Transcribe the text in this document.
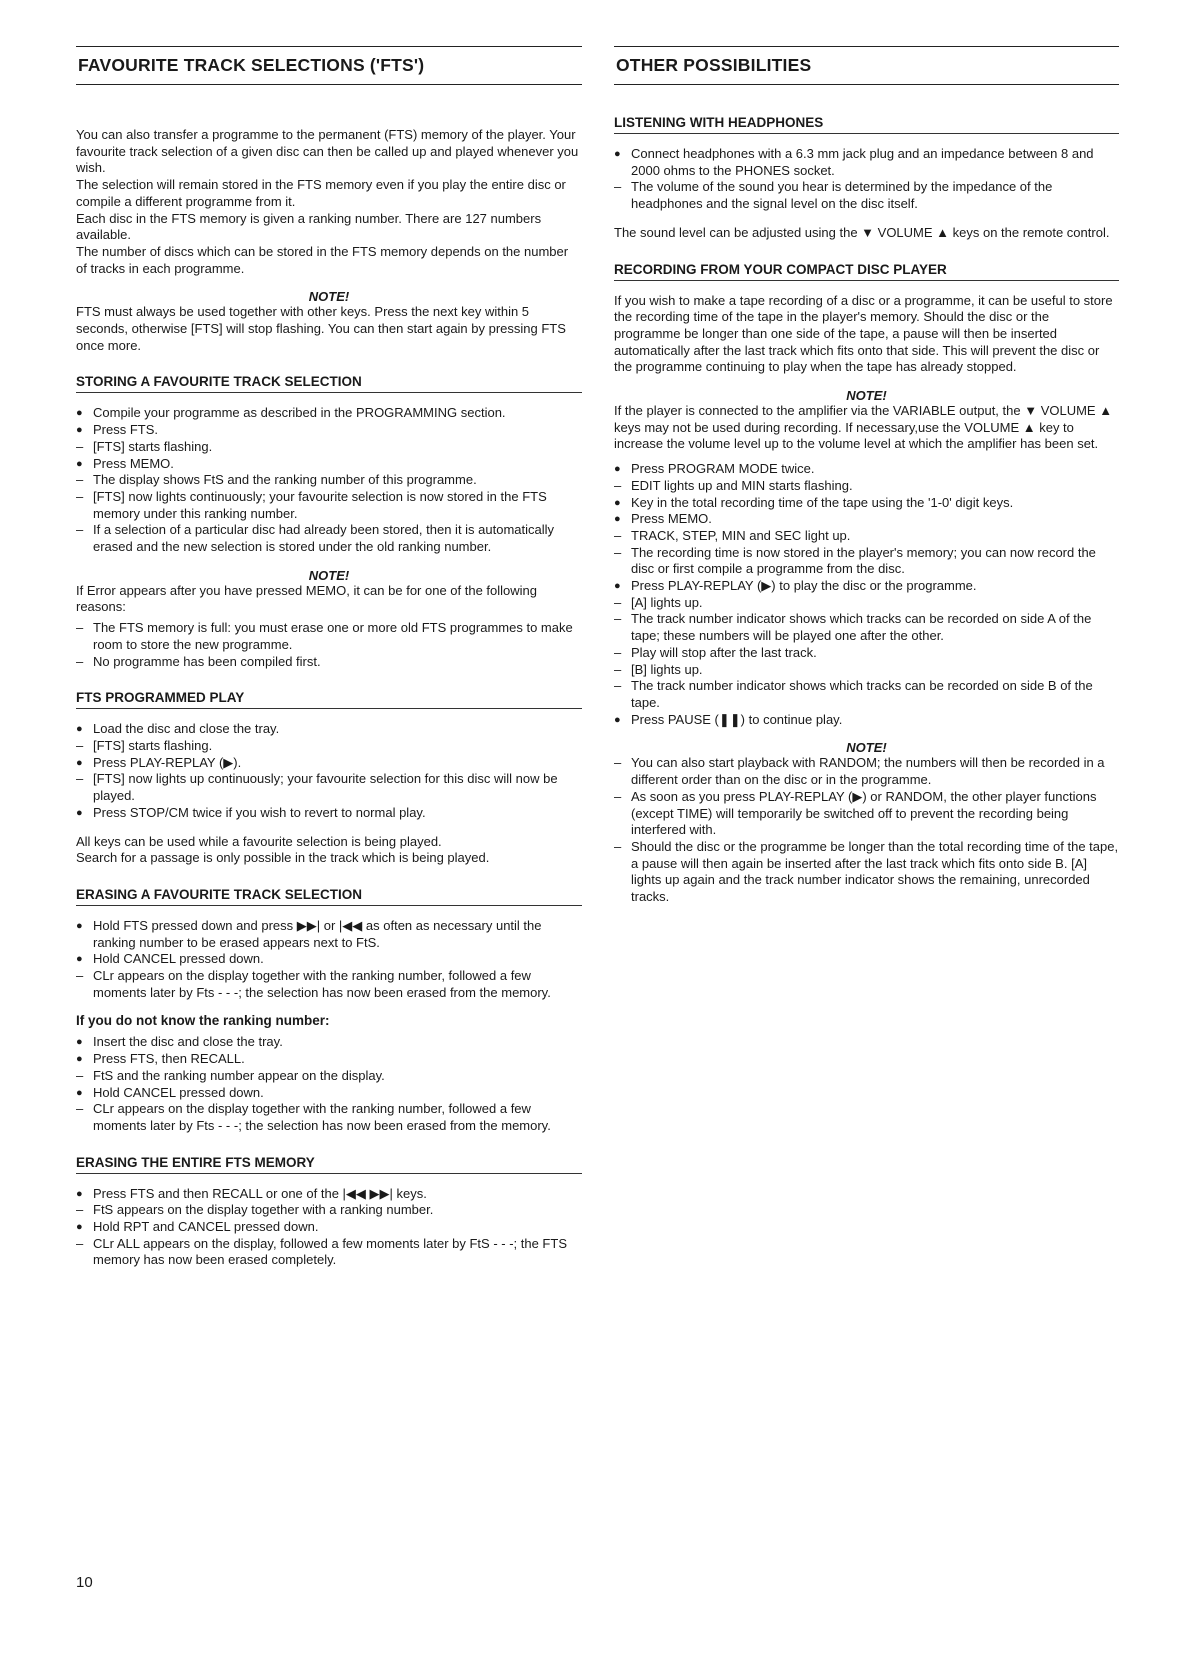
FAVOURITE TRACK SELECTIONS ('FTS')

You can also transfer a programme to the permanent (FTS) memory of the player. Your favourite track selection of a given disc can then be called up and played whenever you wish.

The selection will remain stored in the FTS memory even if you play the entire disc or compile a different programme from it.

Each disc in the FTS memory is given a ranking number. There are 127 numbers available.

The number of discs which can be stored in the FTS memory depends on the number of tracks in each programme.

NOTE!

FTS must always be used together with other keys. Press the next key within 5 seconds, otherwise [FTS] will stop flashing. You can then start again by pressing FTS once more.

STORING A FAVOURITE TRACK SELECTION
● Compile your programme as described in the PROGRAMMING section.
● Press FTS.
– [FTS] starts flashing.
● Press MEMO.
– The display shows FtS and the ranking number of this programme.
– [FTS] now lights continuously; your favourite selection is now stored in the FTS memory under this ranking number.
– If a selection of a particular disc had already been stored, then it is automatically erased and the new selection is stored under the old ranking number.

NOTE!

If Error appears after you have pressed MEMO, it can be for one of the following reasons:

– The FTS memory is full: you must erase one or more old FTS programmes to make room to store the new programme.
– No programme has been compiled first.
FTS PROGRAMMED PLAY
● Load the disc and close the tray.
– [FTS] starts flashing.
● Press PLAY-REPLAY (▶).
– [FTS] now lights up continuously; your favourite selection for this disc will now be played.
● Press STOP/CM twice if you wish to revert to normal play.

All keys can be used while a favourite selection is being played.

Search for a passage is only possible in the track which is being played.

ERASING A FAVOURITE TRACK SELECTION
● Hold FTS pressed down and press ▶▶| or |◀◀ as often as necessary until the ranking number to be erased appears next to FtS.
● Hold CANCEL pressed down.
– CLr appears on the display together with the ranking number, followed a few moments later by Fts - - -; the selection has now been erased from the memory.

If you do not know the ranking number:

● Insert the disc and close the tray.
● Press FTS, then RECALL.
– FtS and the ranking number appear on the display.
● Hold CANCEL pressed down.
– CLr appears on the display together with the ranking number, followed a few moments later by Fts - - -; the selection has now been erased from the memory.
ERASING THE ENTIRE FTS MEMORY
● Press FTS and then RECALL or one of the |◀◀ ▶▶| keys.
– FtS appears on the display together with a ranking number.
● Hold RPT and CANCEL pressed down.
– CLr ALL appears on the display, followed a few moments later by FtS - - -; the FTS memory has now been erased completely.
OTHER POSSIBILITIES
LISTENING WITH HEADPHONES
● Connect headphones with a 6.3 mm jack plug and an impedance between 8 and 2000 ohms to the PHONES socket.
– The volume of the sound you hear is determined by the impedance of the headphones and the signal level on the disc itself.

The sound level can be adjusted using the ▼ VOLUME ▲ keys on the remote control.

RECORDING FROM YOUR COMPACT DISC PLAYER

If you wish to make a tape recording of a disc or a programme, it can be useful to store the recording time of the tape in the player's memory. Should the disc or the programme be longer than one side of the tape, a pause will then be inserted automatically after the last track which fits onto that side. This will prevent the disc or the programme continuing to play when the tape has already stopped.

NOTE!

If the player is connected to the amplifier via the VARIABLE output, the ▼ VOLUME ▲ keys may not be used during recording. If necessary,use the VOLUME ▲ key to increase the volume level up to the volume level at which the amplifier has been set.

● Press PROGRAM MODE twice.
– EDIT lights up and MIN starts flashing.
● Key in the total recording time of the tape using the '1-0' digit keys.
● Press MEMO.
– TRACK, STEP, MIN and SEC light up.
– The recording time is now stored in the player's memory; you can now record the disc or first compile a programme from the disc.
● Press PLAY-REPLAY (▶) to play the disc or the programme.
– [A] lights up.
– The track number indicator shows which tracks can be recorded on side A of the tape; these numbers will be played one after the other.
– Play will stop after the last track.
– [B] lights up.
– The track number indicator shows which tracks can be recorded on side B of the tape.
● Press PAUSE (❚❚) to continue play.

NOTE!

– You can also start playback with RANDOM; the numbers will then be recorded in a different order than on the disc or in the programme.
– As soon as you press PLAY-REPLAY (▶) or RANDOM, the other player functions (except TIME) will temporarily be switched off to prevent the recording being interfered with.
– Should the disc or the programme be longer than the total recording time of the tape, a pause will then again be inserted after the last track which fits onto side B. [A] lights up again and the track number indicator shows the remaining, unrecorded tracks.
10
